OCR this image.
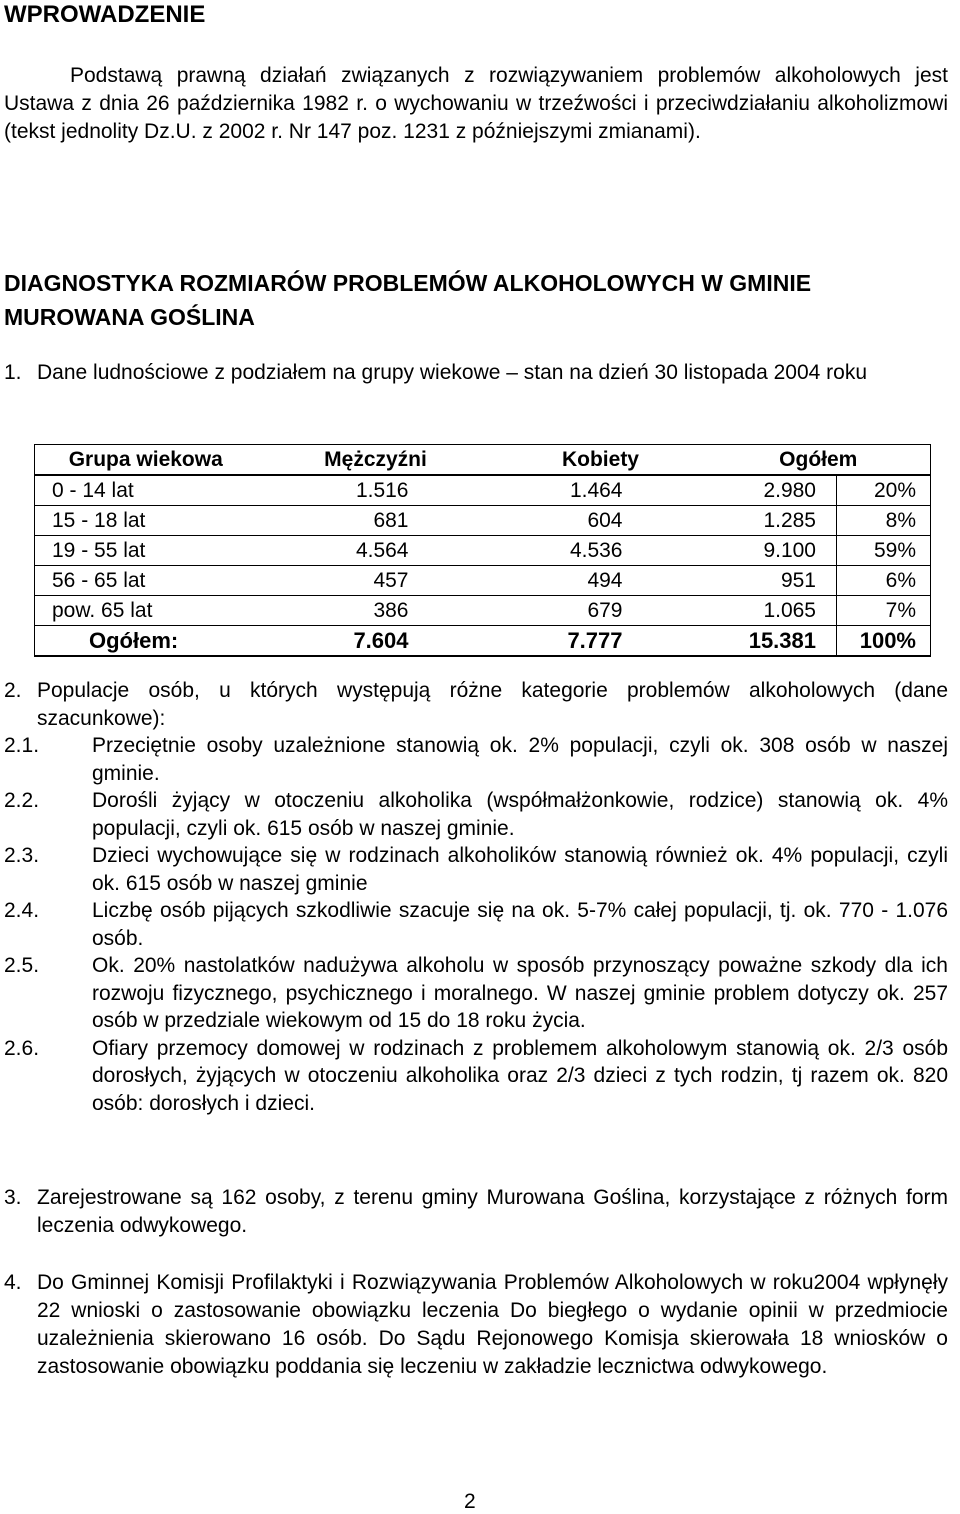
WPROWADZENIE
Podstawą prawną działań związanych z rozwiązywaniem problemów alkoholowych jest Ustawa z dnia 26 października 1982 r. o wychowaniu w trzeźwości i przeciwdziałaniu alkoholizmowi (tekst jednolity Dz.U. z 2002 r. Nr 147 poz. 1231 z późniejszymi zmianami).
DIAGNOSTYKA ROZMIARÓW PROBLEMÓW ALKOHOLOWYCH W GMINIE MUROWANA GOŚLINA
1. Dane ludnościowe z podziałem na grupy wiekowe – stan na dzień 30 listopada 2004 roku
Grupa wiekowa	Mężczyźni	Kobiety	Ogółem	
0 - 14 lat	1.516	1.464	2.980	20%
15 - 18 lat	681	604	1.285	8%
19 - 55 lat	4.564	4.536	9.100	59%
56 - 65 lat	457	494	951	6%
pow. 65 lat	386	679	1.065	7%
Ogółem:	7.604	7.777	15.381	100%
2. Populacje osób, u których występują różne kategorie problemów alkoholowych (dane szacunkowe):
2.1.	Przeciętnie osoby uzależnione stanowią ok. 2% populacji, czyli ok. 308 osób w naszej gminie.
2.2.	Dorośli żyjący w otoczeniu alkoholika (współmałżonkowie, rodzice) stanowią ok. 4% populacji, czyli ok. 615 osób w naszej gminie.
2.3.	Dzieci wychowujące się w rodzinach alkoholików stanowią również ok. 4% populacji, czyli ok. 615 osób w naszej gminie
2.4.	Liczbę osób pijących szkodliwie szacuje się na ok. 5-7% całej populacji, tj. ok. 770 - 1.076 osób.
2.5.	Ok. 20% nastolatków nadużywa alkoholu w sposób przynoszący poważne szkody dla ich rozwoju fizycznego, psychicznego i moralnego. W naszej gminie problem dotyczy ok. 257 osób w przedziale wiekowym od 15 do 18 roku życia.
2.6.	Ofiary przemocy domowej w rodzinach z problemem alkoholowym stanowią ok. 2/3 osób dorosłych, żyjących w otoczeniu alkoholika oraz 2/3 dzieci z tych rodzin, tj razem ok. 820 osób: dorosłych i dzieci.
3. Zarejestrowane są 162 osoby, z terenu gminy Murowana Goślina, korzystające z różnych form leczenia odwykowego.
4. Do Gminnej Komisji Profilaktyki i Rozwiązywania Problemów Alkoholowych w roku2004 wpłynęły 22 wnioski o zastosowanie obowiązku leczenia Do biegłego o wydanie opinii w przedmiocie uzależnienia skierowano 16 osób. Do Sądu Rejonowego Komisja skierowała 18 wniosków o zastosowanie obowiązku poddania się leczeniu w zakładzie lecznictwa odwykowego.
2
